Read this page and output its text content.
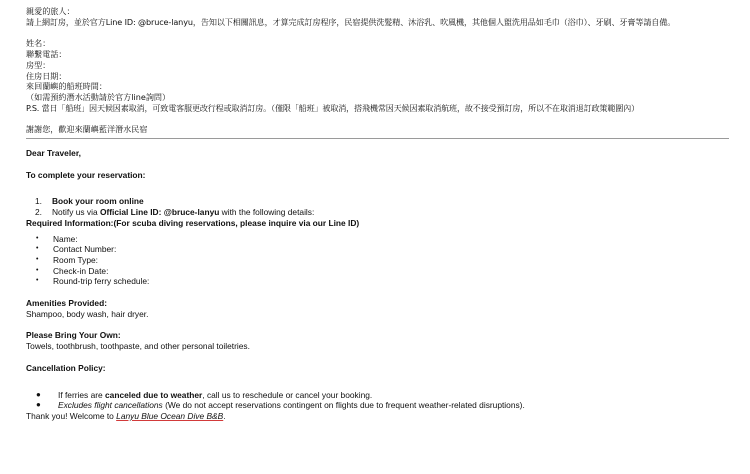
親愛的旅人：
請上網訂房，並於官方Line ID: @bruce-lanyu，告知以下相關訊息，才算完成訂房程序，民宿提供洗髮精、沐浴乳、吹風機，其他個人盥洗用品如毛巾（浴巾）、牙刷、牙膏等請自備。
姓名：
聯繫電話：
房型：
住房日期：
來回蘭嶼的船班時間：
（如需預約潛水活動請於官方line詢問）
P.S. 當日「船班」因天候因素取消，可致電客服更改行程或取消訂房。（僅限「船班」被取消，搭飛機常因天候因素取消航班，故不接受預訂房，所以不在取消退訂政策範圍內）
謝謝您，歡迎來蘭嶼藍洋潛水民宿
Dear Traveler,
To complete your reservation:
1.	Book your room online
2.	Notify us via Official Line ID: @bruce-lanyu with the following details:
Required Information:(For scuba diving reservations, please inquire via our Line ID)
•	Name:
•	Contact Number:
•	Room Type:
•	Check-in Date:
•	Round-trip ferry schedule:
Amenities Provided:
Shampoo, body wash, hair dryer.
Please Bring Your Own:
Towels, toothbrush, toothpaste, and other personal toiletries.
Cancellation Policy:
●	If ferries are canceled due to weather , call us to reschedule or cancel your booking.
●	Excludes flight cancellations (We do not accept reservations contingent on flights due to frequent weather-related disruptions).
Thank you! Welcome to Lanyu Blue Ocean Dive B&B.
